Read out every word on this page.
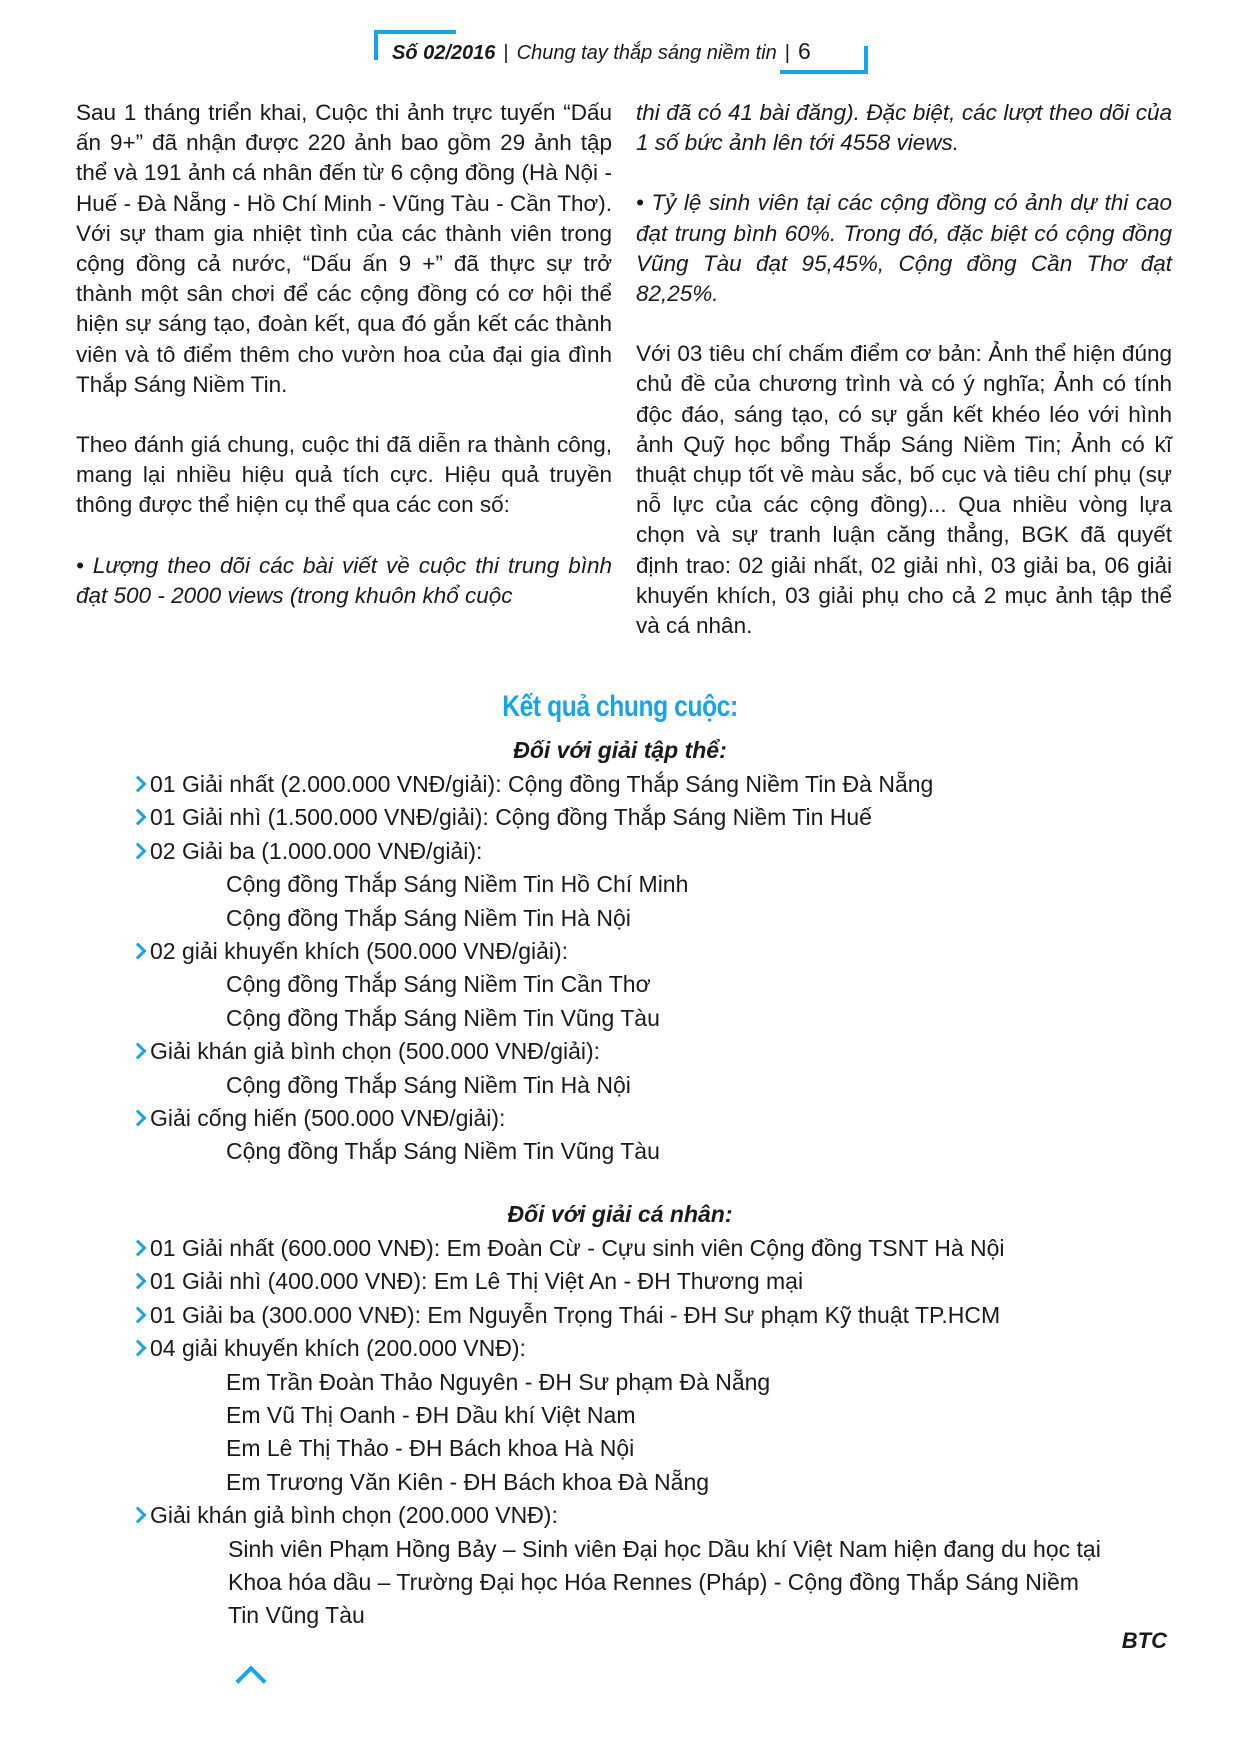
Số 02/2016 | Chung tay thắp sáng niềm tin | 6

Sau 1 tháng triển khai, Cuộc thi ảnh trực tuyến “Dấu ấn 9+” đã nhận được 220 ảnh bao gồm 29 ảnh tập thể và 191 ảnh cá nhân đến từ 6 cộng đồng (Hà Nội - Huế - Đà Nẵng - Hồ Chí Minh - Vũng Tàu - Cần Thơ). Với sự tham gia nhiệt tình của các thành viên trong cộng đồng cả nước, “Dấu ấn 9 +” đã thực sự trở thành một sân chơi để các cộng đồng có cơ hội thể hiện sự sáng tạo, đoàn kết, qua đó gắn kết các thành viên và tô điểm thêm cho vườn hoa của đại gia đình Thắp Sáng Niềm Tin.

Theo đánh giá chung, cuộc thi đã diễn ra thành công, mang lại nhiều hiệu quả tích cực. Hiệu quả truyền thông được thể hiện cụ thể qua các con số:

• Lượng theo dõi các bài viết về cuộc thi trung bình đạt 500 - 2000 views (trong khuôn khổ cuộc

thi đã có 41 bài đăng). Đặc biệt, các lượt theo dõi của 1 số bức ảnh lên tới 4558 views.

• Tỷ lệ sinh viên tại các cộng đồng có ảnh dự thi cao đạt trung bình 60%. Trong đó, đặc biệt có cộng đồng Vũng Tàu đạt 95,45%, Cộng đồng Cần Thơ đạt 82,25%.

Với 03 tiêu chí chấm điểm cơ bản: Ảnh thể hiện đúng chủ đề của chương trình và có ý nghĩa; Ảnh có tính độc đáo, sáng tạo, có sự gắn kết khéo léo với hình ảnh Quỹ học bổng Thắp Sáng Niềm Tin; Ảnh có kĩ thuật chụp tốt về màu sắc, bố cục và tiêu chí phụ (sự nỗ lực của các cộng đồng)... Qua nhiều vòng lựa chọn và sự tranh luận căng thẳng, BGK đã quyết định trao: 02 giải nhất, 02 giải nhì, 03 giải ba, 06 giải khuyến khích, 03 giải phụ cho cả 2 mục ảnh tập thể và cá nhân.

Kết quả chung cuộc:
Đối với giải tập thể:
01 Giải nhất (2.000.000 VNĐ/giải): Cộng đồng Thắp Sáng Niềm Tin Đà Nẵng
01 Giải nhì (1.500.000 VNĐ/giải): Cộng đồng Thắp Sáng Niềm Tin Huế
02 Giải ba (1.000.000 VNĐ/giải):
Cộng đồng Thắp Sáng Niềm Tin Hồ Chí Minh
Cộng đồng Thắp Sáng Niềm Tin Hà Nội
02 giải khuyến khích (500.000 VNĐ/giải):
Cộng đồng Thắp Sáng Niềm Tin Cần Thơ
Cộng đồng Thắp Sáng Niềm Tin Vũng Tàu
Giải khán giả bình chọn (500.000 VNĐ/giải):
Cộng đồng Thắp Sáng Niềm Tin Hà Nội
Giải cống hiến (500.000 VNĐ/giải):
Cộng đồng Thắp Sáng Niềm Tin Vũng Tàu
Đối với giải cá nhân:
01 Giải nhất (600.000 VNĐ): Em Đoàn Cừ - Cựu sinh viên Cộng đồng TSNT Hà Nội
01 Giải nhì (400.000 VNĐ): Em Lê Thị Việt An - ĐH Thương mại
01 Giải ba (300.000 VNĐ): Em Nguyễn Trọng Thái - ĐH Sư phạm Kỹ thuật TP.HCM
04 giải khuyến khích (200.000 VNĐ):
Em Trần Đoàn Thảo Nguyên - ĐH Sư phạm Đà Nẵng
Em Vũ Thị Oanh - ĐH Dầu khí Việt Nam
Em Lê Thị Thảo - ĐH Bách khoa Hà Nội
Em Trương Văn Kiên - ĐH Bách khoa Đà Nẵng
Giải khán giả bình chọn (200.000 VNĐ):
Sinh viên Phạm Hồng Bảy – Sinh viên Đại học Dầu khí Việt Nam hiện đang du học tại
Khoa hóa dầu – Trường Đại học Hóa Rennes (Pháp) - Cộng đồng Thắp Sáng Niềm
Tin Vũng Tàu
BTC
